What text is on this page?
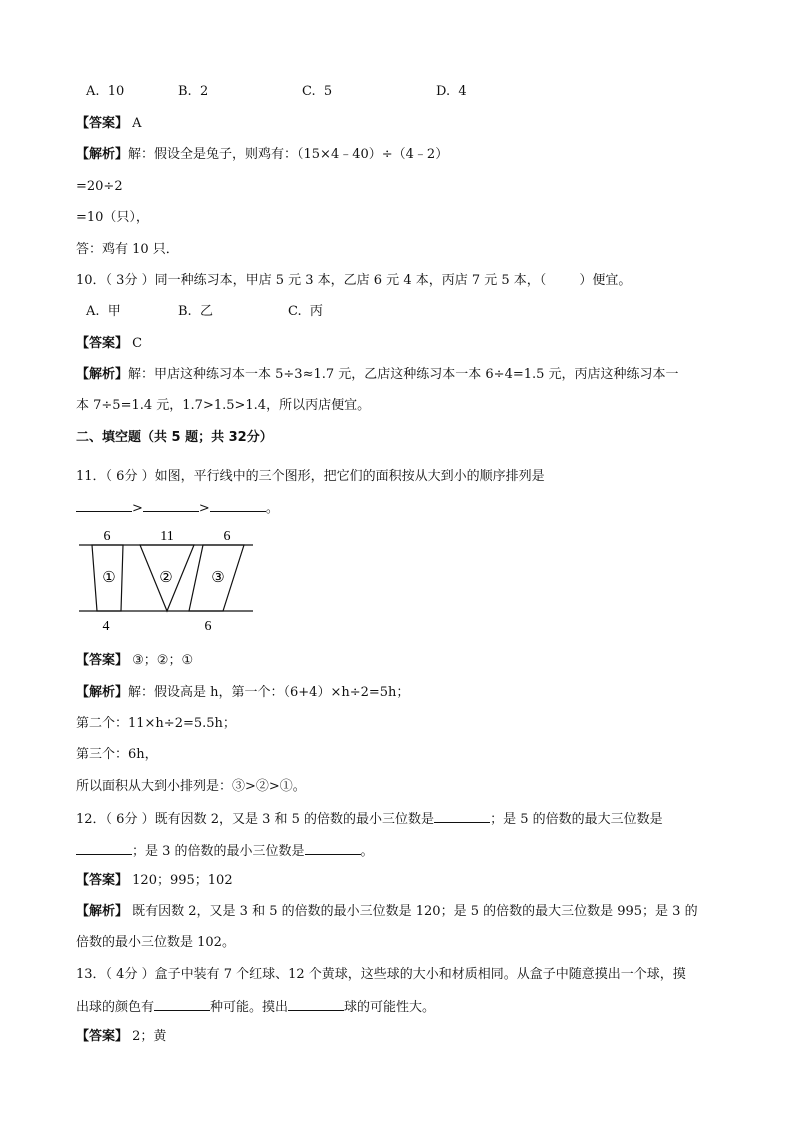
A.  10	B.  2	C.  5	D.  4
【答案】 A
【解析】解：假设全是兔子，则鸡有：（15×4﹣40）÷（4﹣2）
=20÷2
=10（只），
答：鸡有 10 只．
10．（ 3分 ）同一种练习本，甲店 5 元 3 本，乙店 6 元 4 本，丙店 7 元 5 本，（        ）便宜。
A.  甲	B.  乙	C.  丙
【答案】 C
【解析】解：甲店这种练习本一本 5÷3≈1.7 元，乙店这种练习本一本 6÷4=1.5 元，丙店这种练习本一
本 7÷5=1.4 元，1.7>1.5>1.4，所以丙店便宜。
二、填空题（共 5 题；共 32分）
11．（ 6分 ）如图，平行线中的三个图形，把它们的面积按从大到小的顺序排列是
>	>	。
6	11	6
①	②	③
4	6
【答案】 ③；②；①
【解析】解：假设高是 h，第一个：（6+4）×h÷2=5h；
第二个：11×h÷2=5.5h；
第三个：6h，
所以面积从大到小排列是：③>②>①。
12．（ 6分 ）既有因数 2，又是 3 和 5 的倍数的最小三位数是	；是 5 的倍数的最大三位数是
；是 3 的倍数的最小三位数是	。
【答案】 120；995；102
【解析】 既有因数 2，又是 3 和 5 的倍数的最小三位数是 120；是 5 的倍数的最大三位数是 995；是 3 的
倍数的最小三位数是 102。
13．（ 4分 ）盒子中装有 7 个红球、12 个黄球，这些球的大小和材质相同。从盒子中随意摸出一个球，摸
出球的颜色有	种可能。摸出	球的可能性大。
【答案】 2；黄
